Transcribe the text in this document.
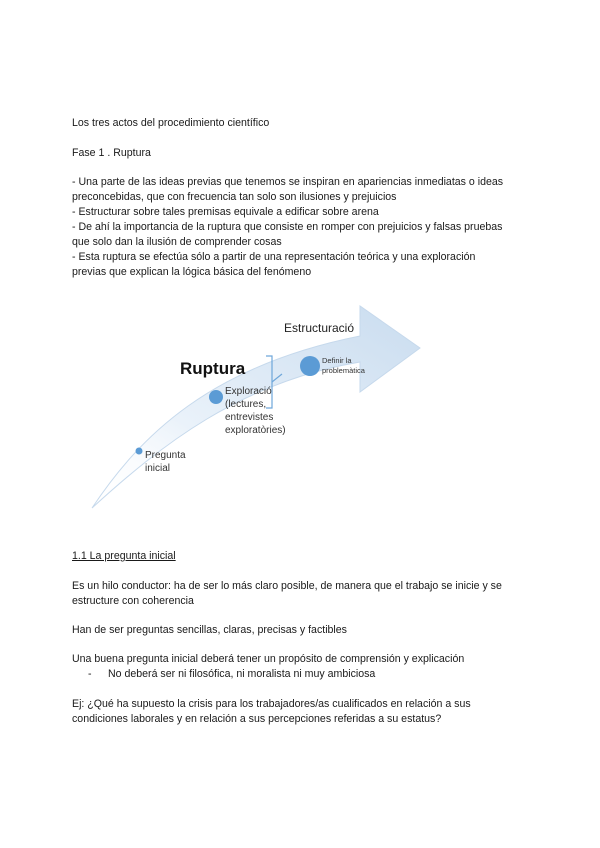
Los tres actos del procedimiento científico
Fase 1 . Ruptura
- Una parte de las ideas previas que tenemos se inspiran en apariencias inmediatas o ideas
preconcebidas, que con frecuencia tan solo son ilusiones y prejuicios
- Estructurar sobre tales premisas equivale a edificar sobre arena
- De ahí la importancia de la ruptura que consiste en romper con prejuicios y falsas pruebas
que solo dan la ilusión de comprender cosas
- Esta ruptura se efectúa sólo a partir de una representación teórica y una exploración
previas que explican la lógica básica del fenómeno
Ruptura
Estructuració
Pregunta
inicial
Exploració
(lectures,
entrevistes
exploratòries)
Definir la
problemàtica
1.1 La pregunta inicial
Es un hilo conductor: ha de ser lo más claro posible, de manera que el trabajo se inicie y se
estructure con coherencia
Han de ser preguntas sencillas, claras, precisas y factibles
Una buena pregunta inicial deberá tener un propósito de comprensión y explicación
- No deberá ser ni filosófica, ni moralista ni muy ambiciosa
Ej: ¿Qué ha supuesto la crisis para los trabajadores/as cualificados en relación a sus
condiciones laborales y en relación a sus percepciones referidas a su estatus?
